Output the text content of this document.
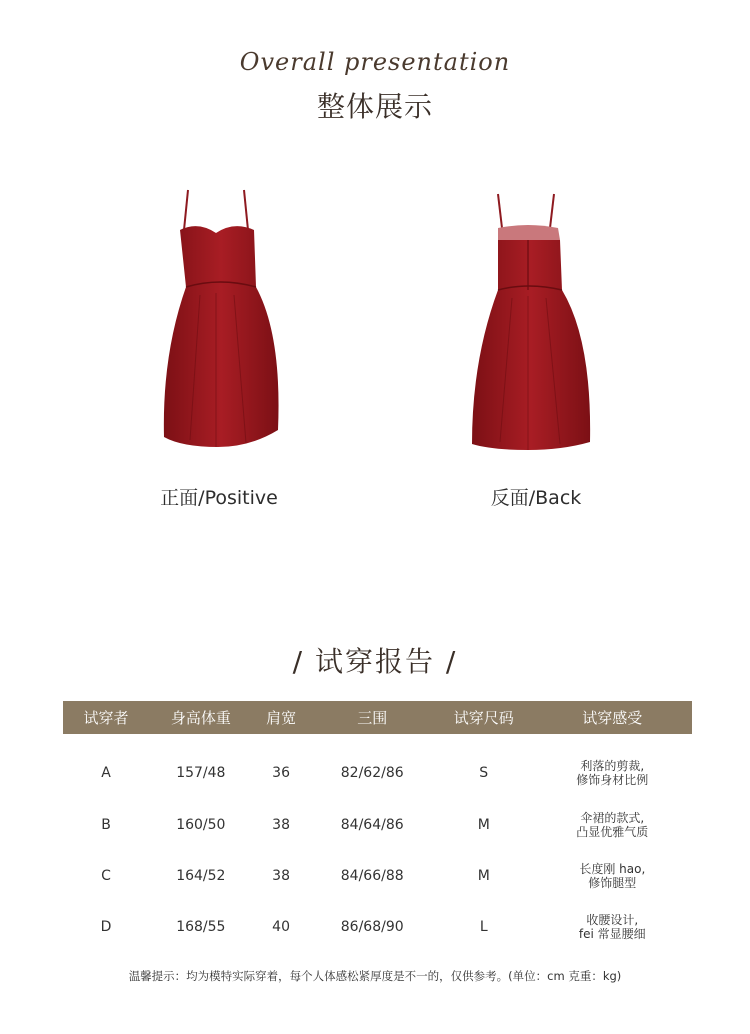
Overall presentation
整体展示
正面/Positive	反面/Back
/ 试穿报告 /
试穿者	身高体重	肩宽	三围	试穿尺码	试穿感受
A	157/48	36	82/62/86	S	利落的剪裁,
修饰身材比例

B	160/50	38	84/64/86	M	伞裙的款式,
凸显优雅气质

C	164/52	38	84/66/88	M	长度刚 hao,
修饰腿型

D	168/55	40	86/68/90	L	收腰设计,
fei 常显腰细
温馨提示：均为模特实际穿着，每个人体感松紧厚度是不一的，仅供参考。(单位：cm 克重：kg)
